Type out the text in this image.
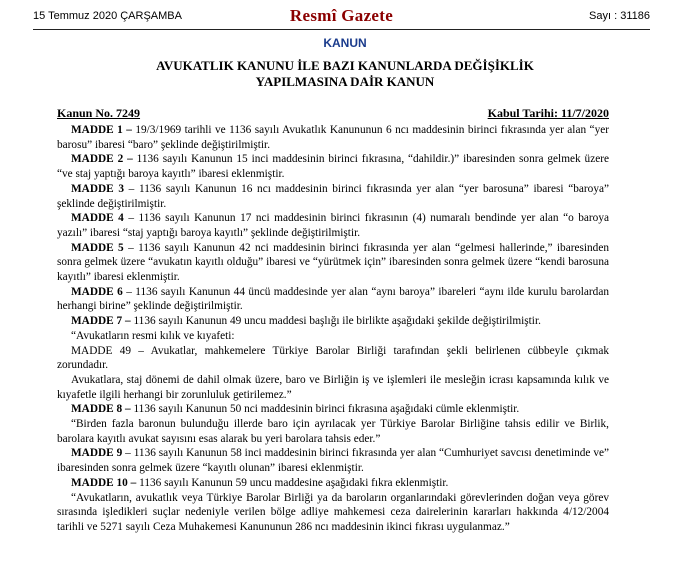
15 Temmuz 2020 ÇARŞAMBA	Resmî Gazete	Sayı : 31186
KANUN
AVUKATLIK KANUNU İLE BAZI KANUNLARDA DEĞİŞİKLİK
YAPILMASINA DAİR KANUN
Kanun No. 7249	Kabul Tarihi: 11/7/2020

MADDE 1 – 19/3/1969 tarihli ve 1136 sayılı Avukatlık Kanununun 6 ncı maddesinin birinci fıkrasında yer alan “yer barosu” ibaresi “baro” şeklinde değiştirilmiştir.

MADDE 2 – 1136 sayılı Kanunun 15 inci maddesinin birinci fıkrasına, “dahildir.)” ibaresinden sonra gelmek üzere “ve staj yaptığı baroya kayıtlı” ibaresi eklenmiştir.

MADDE 3 – 1136 sayılı Kanunun 16 ncı maddesinin birinci fıkrasında yer alan “yer barosuna” ibaresi “baroya” şeklinde değiştirilmiştir.

MADDE 4 – 1136 sayılı Kanunun 17 nci maddesinin birinci fıkrasının (4) numaralı bendinde yer alan “o baroya yazılı” ibaresi “staj yaptığı baroya kayıtlı” şeklinde değiştirilmiştir.

MADDE 5 – 1136 sayılı Kanunun 42 nci maddesinin birinci fıkrasında yer alan “gelmesi hallerinde,” ibaresinden sonra gelmek üzere “avukatın kayıtlı olduğu” ibaresi ve “yürütmek için” ibaresinden sonra gelmek üzere “kendi barosuna kayıtlı” ibaresi eklenmiştir.

MADDE 6 – 1136 sayılı Kanunun 44 üncü maddesinde yer alan “aynı baroya” ibareleri “aynı ilde kurulu barolardan herhangi birine” şeklinde değiştirilmiştir.

MADDE 7 – 1136 sayılı Kanunun 49 uncu maddesi başlığı ile birlikte aşağıdaki şekilde değiştirilmiştir.

“Avukatların resmi kılık ve kıyafeti:

MADDE 49 – Avukatlar, mahkemelere Türkiye Barolar Birliği tarafından şekli belirlenen cübbeyle çıkmak zorundadır.

Avukatlara, staj dönemi de dahil olmak üzere, baro ve Birliğin iş ve işlemleri ile mesleğin icrası kapsamında kılık ve kıyafetle ilgili herhangi bir zorunluluk getirilemez.”

MADDE 8 – 1136 sayılı Kanunun 50 nci maddesinin birinci fıkrasına aşağıdaki cümle eklenmiştir.

“Birden fazla baronun bulunduğu illerde baro için ayrılacak yer Türkiye Barolar Birliğine tahsis edilir ve Birlik, barolara kayıtlı avukat sayısını esas alarak bu yeri barolara tahsis eder.”

MADDE 9 – 1136 sayılı Kanunun 58 inci maddesinin birinci fıkrasında yer alan “Cumhuriyet savcısı denetiminde ve” ibaresinden sonra gelmek üzere “kayıtlı olunan” ibaresi eklenmiştir.

MADDE 10 – 1136 sayılı Kanunun 59 uncu maddesine aşağıdaki fıkra eklenmiştir.

“Avukatların, avukatlık veya Türkiye Barolar Birliği ya da baroların organlarındaki görevlerinden doğan veya görev sırasında işledikleri suçlar nedeniyle verilen bölge adliye mahkemesi ceza dairelerinin kararları hakkında 4/12/2004 tarihli ve 5271 sayılı Ceza Muhakemesi Kanununun 286 ncı maddesinin ikinci fıkrası uygulanmaz.”
